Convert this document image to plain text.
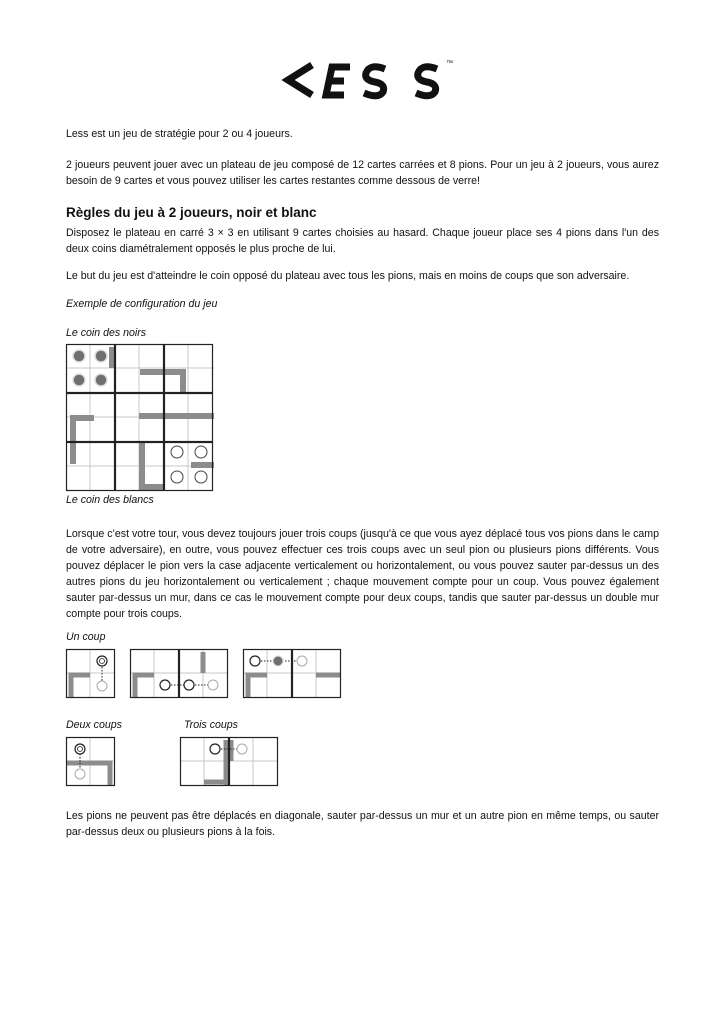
™

Less est un jeu de stratégie pour 2 ou 4 joueurs.

2 joueurs peuvent jouer avec un plateau de jeu composé de 12 cartes carrées et 8 pions. Pour un jeu à 2 joueurs, vous aurez besoin de 9 cartes et vous pouvez utiliser les cartes restantes comme dessous de verre!

Règles du jeu à 2 joueurs, noir et blanc

Disposez le plateau en carré 3 × 3 en utilisant 9 cartes choisies au hasard. Chaque joueur place ses 4 pions dans l'un des deux coins diamétralement opposés le plus proche de lui.

Le but du jeu est d'atteindre le coin opposé du plateau avec tous les pions, mais en moins de coups que son adversaire.

Exemple de configuration du jeu

Le coin des noirs

Le coin des blancs

Lorsque c’est votre tour, vous devez toujours jouer trois coups (jusqu'à ce que vous ayez déplacé tous vos pions dans le camp de votre adversaire), en outre, vous pouvez effectuer ces trois coups avec un seul pion ou plusieurs pions différents. Vous pouvez déplacer le pion vers la case adjacente verticalement ou horizontalement, ou vous pouvez sauter par-dessus un des autres pions du jeu horizontalement ou verticalement ; chaque mouvement compte pour un coup. Vous pouvez également sauter par-dessus un mur, dans ce cas le mouvement compte pour deux coups, tandis que sauter par-dessus un double mur compte pour trois coups.

Un coup

Deux coups	Trois coups

Les pions ne peuvent pas être déplacés en diagonale, sauter par-dessus un mur et un autre pion en même temps, ou sauter par-dessus deux ou plusieurs pions à la fois.
